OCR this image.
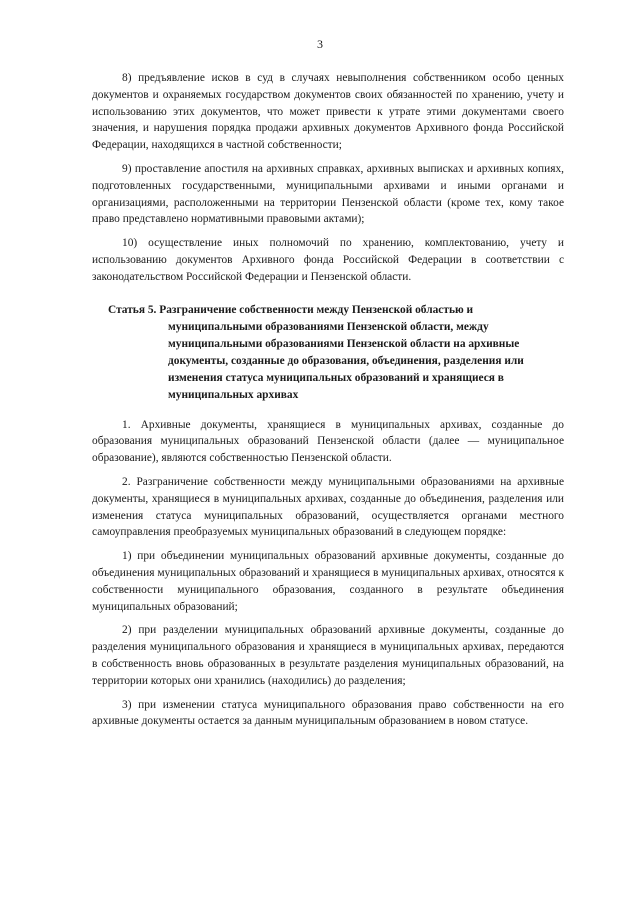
3

8) предъявление исков в суд в случаях невыполнения собственником особо ценных документов и охраняемых государством документов своих обязанностей по хранению, учету и использованию этих документов, что может привести к утрате этими документами своего значения, и нарушения порядка продажи архивных документов Архивного фонда Российской Федерации, находящихся в частной собственности;

9) проставление апостиля на архивных справках, архивных выписках и архивных копиях, подготовленных государственными, муниципальными архивами и иными органами и организациями, расположенными на территории Пензенской области (кроме тех, кому такое право представлено нормативными правовыми актами);

10) осуществление иных полномочий по хранению, комплектованию, учету и использованию документов Архивного фонда Российской Федерации в соответствии с законодательством Российской Федерации и Пензенской области.

Статья 5. Разграничение собственности между Пензенской областью и муниципальными образованиями Пензенской области, между муниципальными образованиями Пензенской области на архивные документы, созданные до образования, объединения, разделения или изменения статуса муниципальных образований и хранящиеся в муниципальных архивах

1. Архивные документы, хранящиеся в муниципальных архивах, созданные до образования муниципальных образований Пензенской области (далее — муниципальное образование), являются собственностью Пензенской области.

2. Разграничение собственности между муниципальными образованиями на архивные документы, хранящиеся в муниципальных архивах, созданные до объединения, разделения или изменения статуса муниципальных образований, осуществляется органами местного самоуправления преобразуемых муниципальных образований в следующем порядке:

1) при объединении муниципальных образований архивные документы, созданные до объединения муниципальных образований и хранящиеся в муниципальных архивах, относятся к собственности муниципального образования, созданного в результате объединения муниципальных образований;

2) при разделении муниципальных образований архивные документы, созданные до разделения муниципального образования и хранящиеся в муниципальных архивах, передаются в собственность вновь образованных в результате разделения муниципальных образований, на территории которых они хранились (находились) до разделения;

3) при изменении статуса муниципального образования право собственности на его архивные документы остается за данным муниципальным образованием в новом статусе.
